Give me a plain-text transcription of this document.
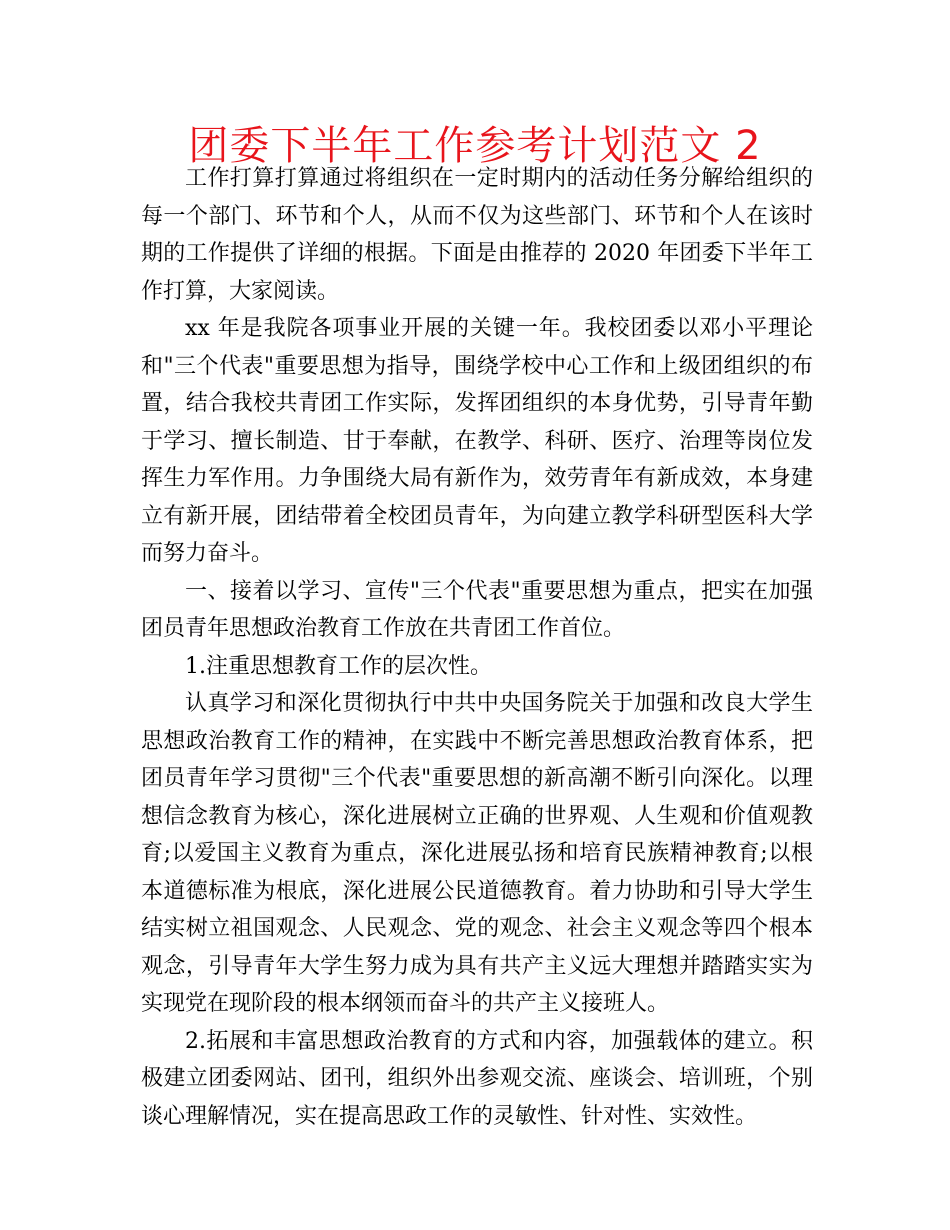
团委下半年工作参考计划范文 2

工作打算打算通过将组织在一定时期内的活动任务分解给组织的每一个部门、环节和个人，从而不仅为这些部门、环节和个人在该时期的工作提供了详细的根据。下面是由推荐的 2020 年团委下半年工作打算，大家阅读。

xx 年是我院各项事业开展的关键一年。我校团委以邓小平理论和"三个代表"重要思想为指导，围绕学校中心工作和上级团组织的布置，结合我校共青团工作实际，发挥团组织的本身优势，引导青年勤于学习、擅长制造、甘于奉献，在教学、科研、医疗、治理等岗位发挥生力军作用。力争围绕大局有新作为，效劳青年有新成效，本身建立有新开展，团结带着全校团员青年，为向建立教学科研型医科大学而努力奋斗。

一、接着以学习、宣传"三个代表"重要思想为重点，把实在加强团员青年思想政治教育工作放在共青团工作首位。

1.注重思想教育工作的层次性。

认真学习和深化贯彻执行中共中央国务院关于加强和改良大学生思想政治教育工作的精神，在实践中不断完善思想政治教育体系，把团员青年学习贯彻"三个代表"重要思想的新高潮不断引向深化。以理想信念教育为核心，深化进展树立正确的世界观、人生观和价值观教育;以爱国主义教育为重点，深化进展弘扬和培育民族精神教育;以根本道德标准为根底，深化进展公民道德教育。着力协助和引导大学生结实树立祖国观念、人民观念、党的观念、社会主义观念等四个根本观念，引导青年大学生努力成为具有共产主义远大理想并踏踏实实为实现党在现阶段的根本纲领而奋斗的共产主义接班人。

2.拓展和丰富思想政治教育的方式和内容，加强载体的建立。积极建立团委网站、团刊，组织外出参观交流、座谈会、培训班，个别谈心理解情况，实在提高思政工作的灵敏性、针对性、实效性。
